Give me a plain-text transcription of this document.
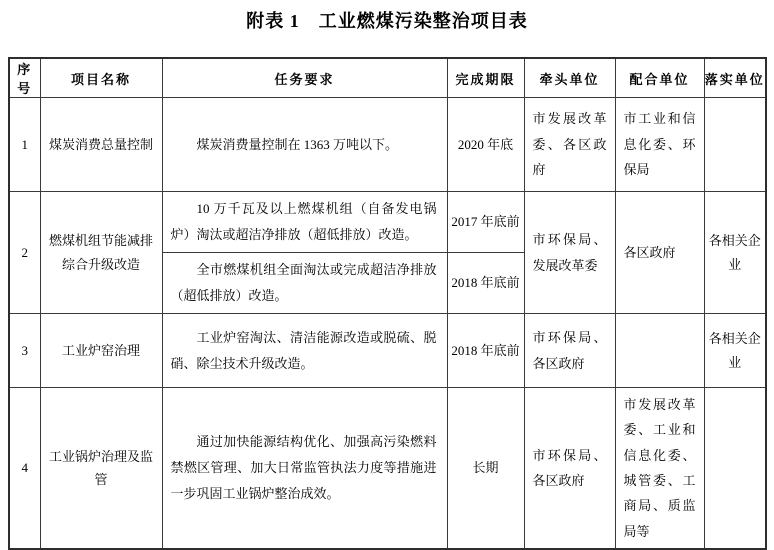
附表 1　工业燃煤污染整治项目表
序号	项目名称	任务要求	完成期限	牵头单位	配合单位	落实单位
1	煤炭消费总量控制	煤炭消费量控制在 1363 万吨以下。	2020 年底	市发展改革委、各区政府	市工业和信息化委、环保局	
2	燃煤机组节能减排综合升级改造	10 万千瓦及以上燃煤机组（自备发电锅炉）淘汰或超洁净排放（超低排放）改造。	2017 年底前	市环保局、发展改革委	各区政府	各相关企业
		全市燃煤机组全面淘汰或完成超洁净排放（超低排放）改造。	2018 年底前			
3	工业炉窑治理	工业炉窑淘汰、清洁能源改造或脱硫、脱硝、除尘技术升级改造。	2018 年底前	市环保局、各区政府		各相关企业
4	工业锅炉治理及监管	通过加快能源结构优化、加强高污染燃料禁燃区管理、加大日常监管执法力度等措施进一步巩固工业锅炉整治成效。	长期	市环保局、各区政府	市发展改革委、工业和信息化委、城管委、工商局、质监局等	
